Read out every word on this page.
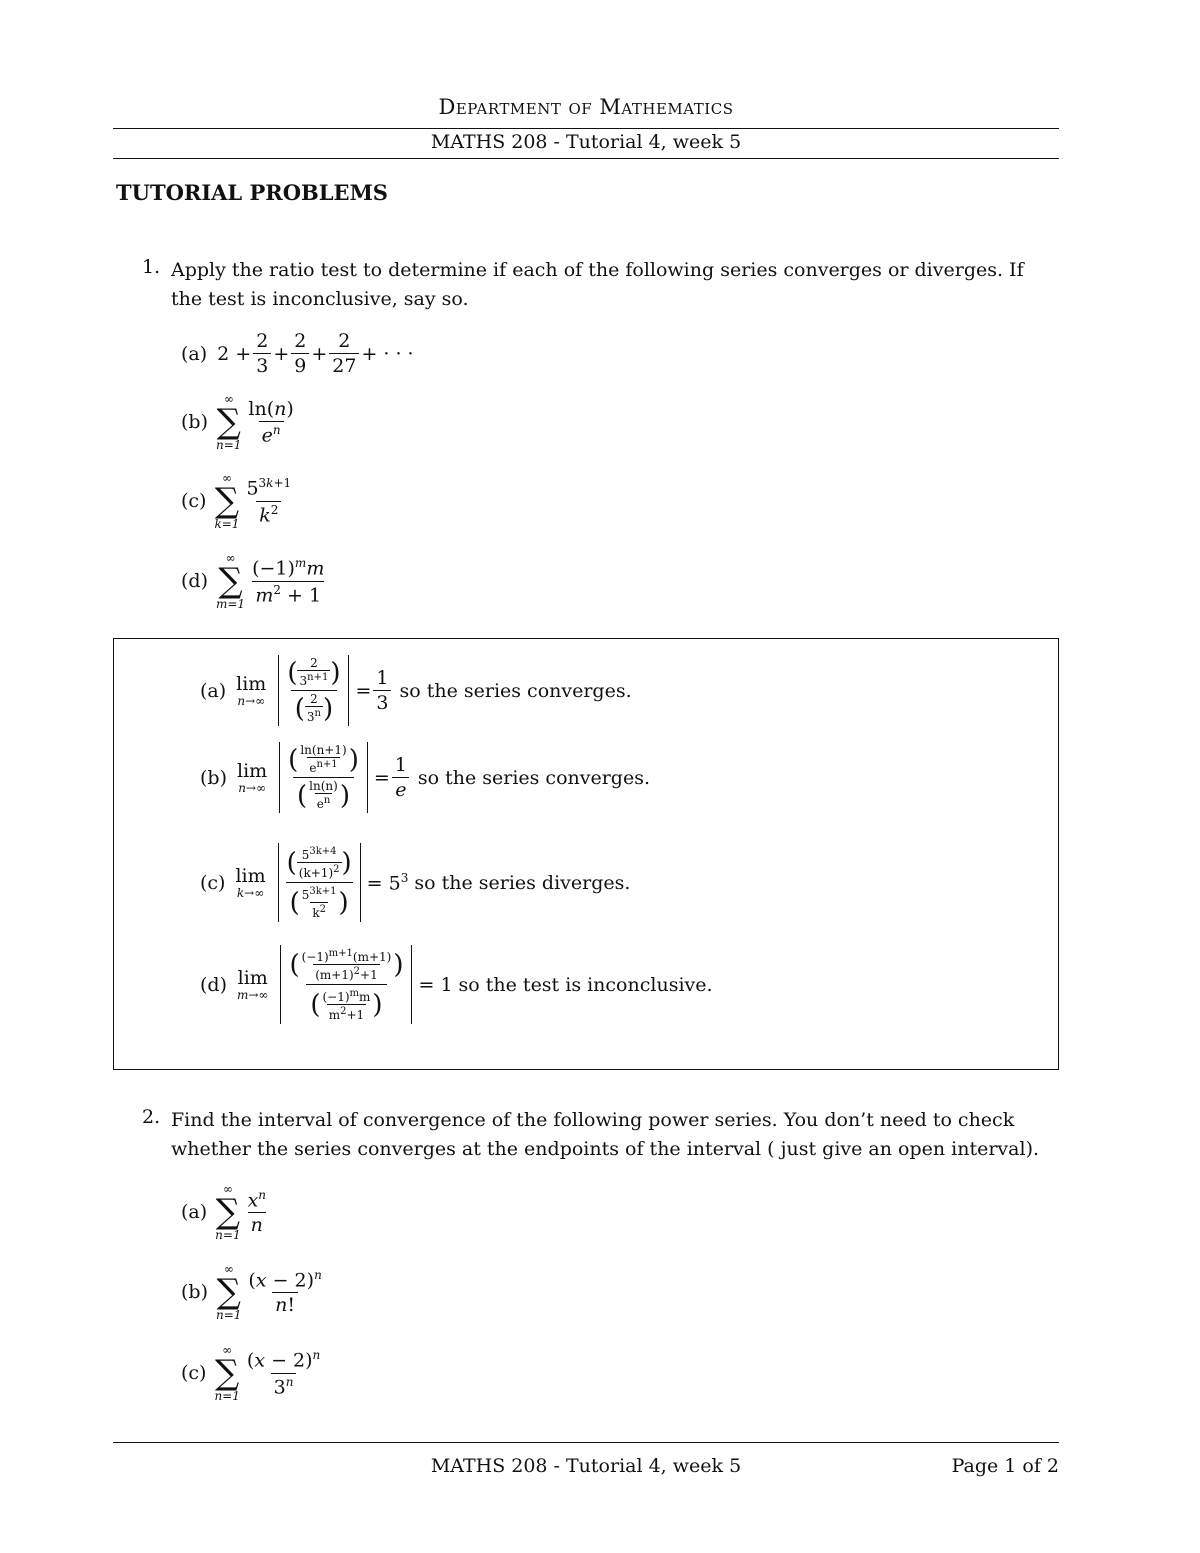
Department of Mathematics
MATHS 208 - Tutorial 4, week 5
TUTORIAL PROBLEMS
1. Apply the ratio test to determine if each of the following series converges or diverges. If the test is inconclusive, say so.
(a) $2 + \frac{2}{3} + \frac{2}{9} + \frac{2}{27}$ + · · ·
(b)
∞
∑
$n=1 \frac{\ln(n)}{e^n}$
(c)
∞
∑
$k=1 \frac{5^{3k+1}}{k^2}$
(d)
∞
∑
$m=1 \frac{(-1)^mm}{m^2 + 1}$
(a) lim
n→∞ ( 2
$3^{n+1}$ )
( 2
3$^n$ ) = $\frac{1}{3}$ so the series converges.
(b) lim
n→∞ ( ln(n+1)
$e^{n+1}$ )
( ln(n)
$e^n$ ) = $\frac{1}{e}$ so the series converges.
(c) lim
k→∞ ( $5^{3k+4}$
$(k+1)^2$ )
( $5^{3k+1}$
$k^2$ ) = $5^3$ so the series diverges.
(d) lim
m→∞ ( $(-1)^{m+1}(m+1)$
$(m+1)^2+1$ )
( $(-1)^mm$
$m^2+1$ ) = 1 so the test is inconclusive.
2. Find the interval of convergence of the following power series. You don’t need to check whether the series converges at the endpoints of the interval ( just give an open interval).
(a)
∞
∑
$n=1 \frac{x^n}{n}$
(b)
∞
∑
$n=1 \frac{(x - 2)^n}{n!}$
(c)
∞
∑
$n=1 \frac{(x - 2)^n}{3^n}$
MATHS 208 - Tutorial 4, week 5	Page 1 of 2
